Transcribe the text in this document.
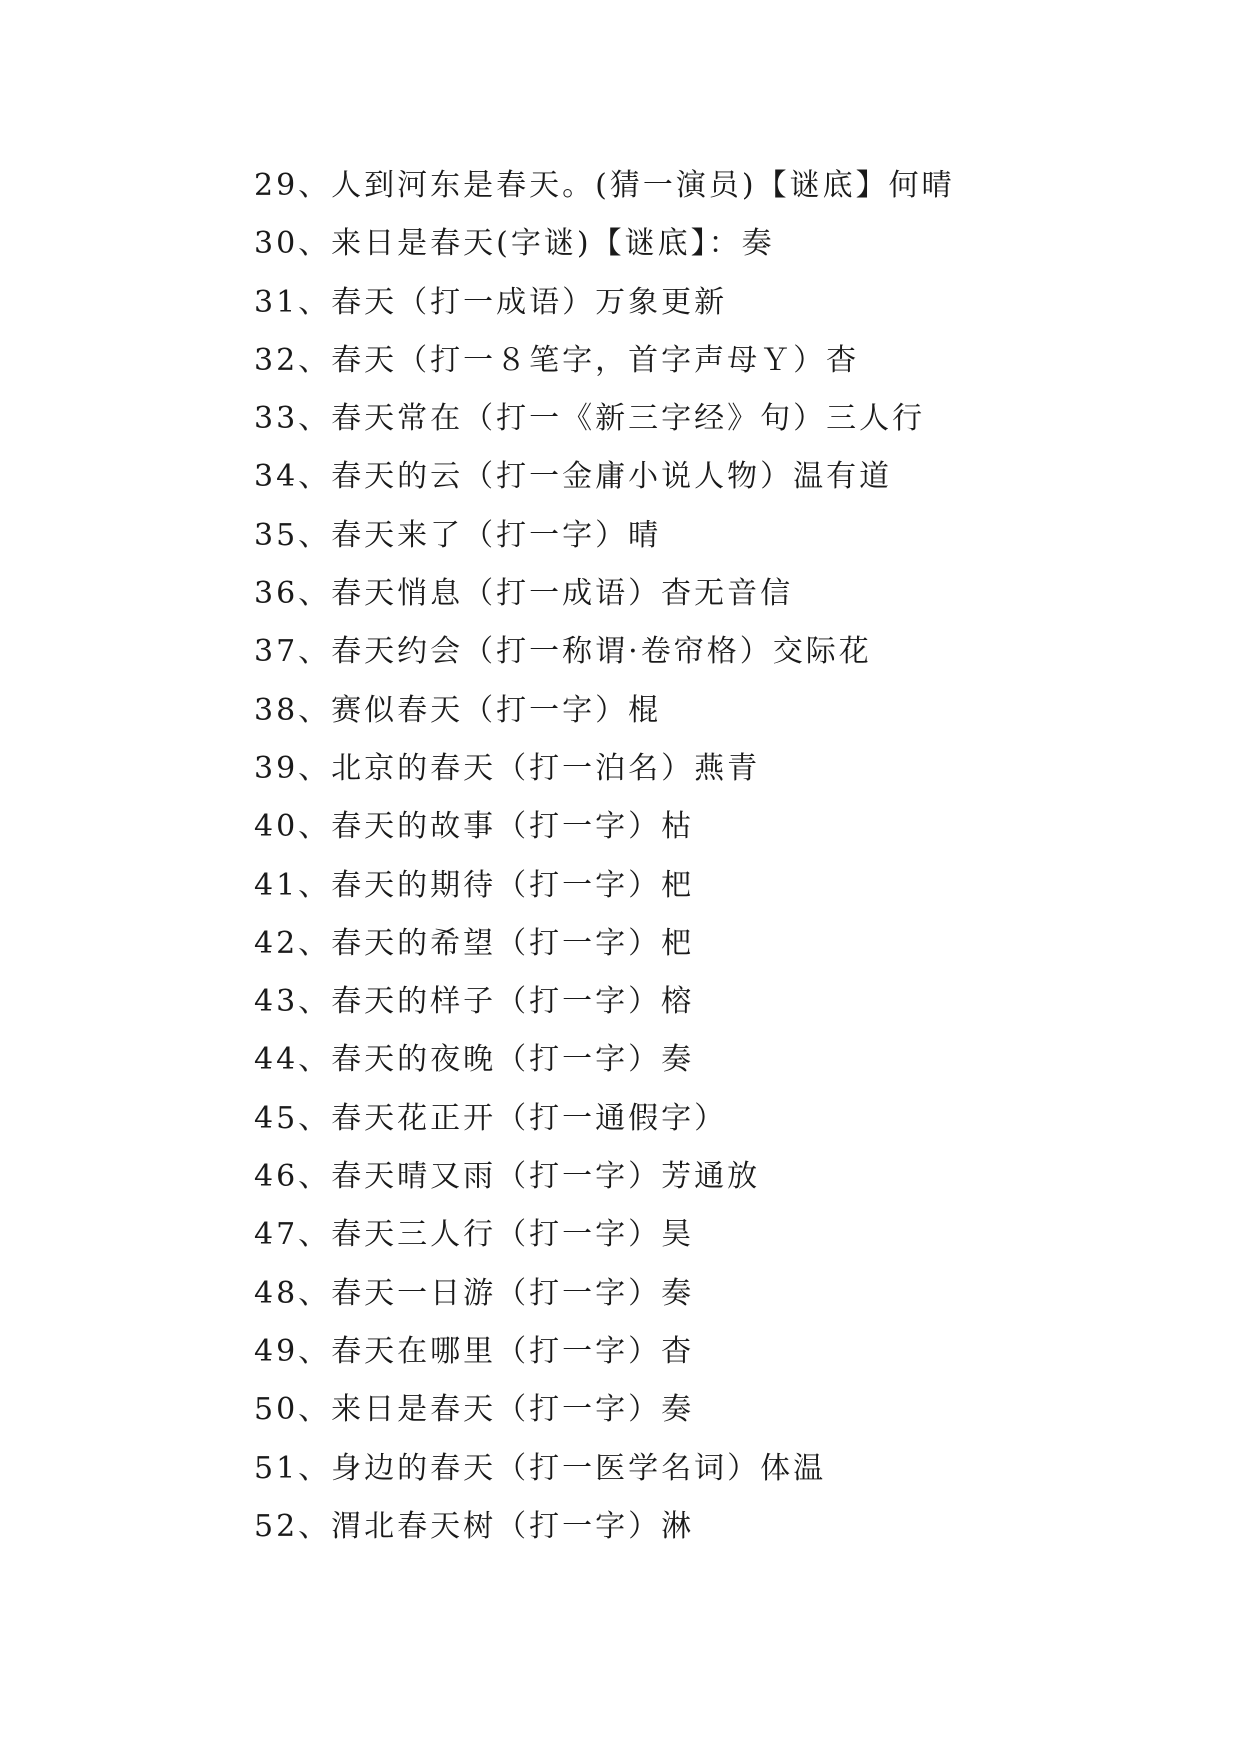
29、人到河东是春天。(猜一演员)【谜底】何晴
30、来日是春天(字谜)【谜底】：奏
31、春天（打一成语）万象更新
32、春天（打一８笔字，首字声母Ｙ）杳
33、春天常在（打一《新三字经》句）三人行
34、春天的云（打一金庸小说人物）温有道
35、春天来了（打一字）晴
36、春天悄息（打一成语）杳无音信
37、春天约会（打一称谓·卷帘格）交际花
38、赛似春天（打一字）棍
39、北京的春天（打一泊名）燕青
40、春天的故事（打一字）枯
41、春天的期待（打一字）杷
42、春天的希望（打一字）杷
43、春天的样子（打一字）榕
44、春天的夜晚（打一字）奏
45、春天花正开（打一通假字）
46、春天晴又雨（打一字）芳通放
47、春天三人行（打一字）昊
48、春天一日游（打一字）奏
49、春天在哪里（打一字）杳
50、来日是春天（打一字）奏
51、身边的春天（打一医学名词）体温
52、渭北春天树（打一字）淋
